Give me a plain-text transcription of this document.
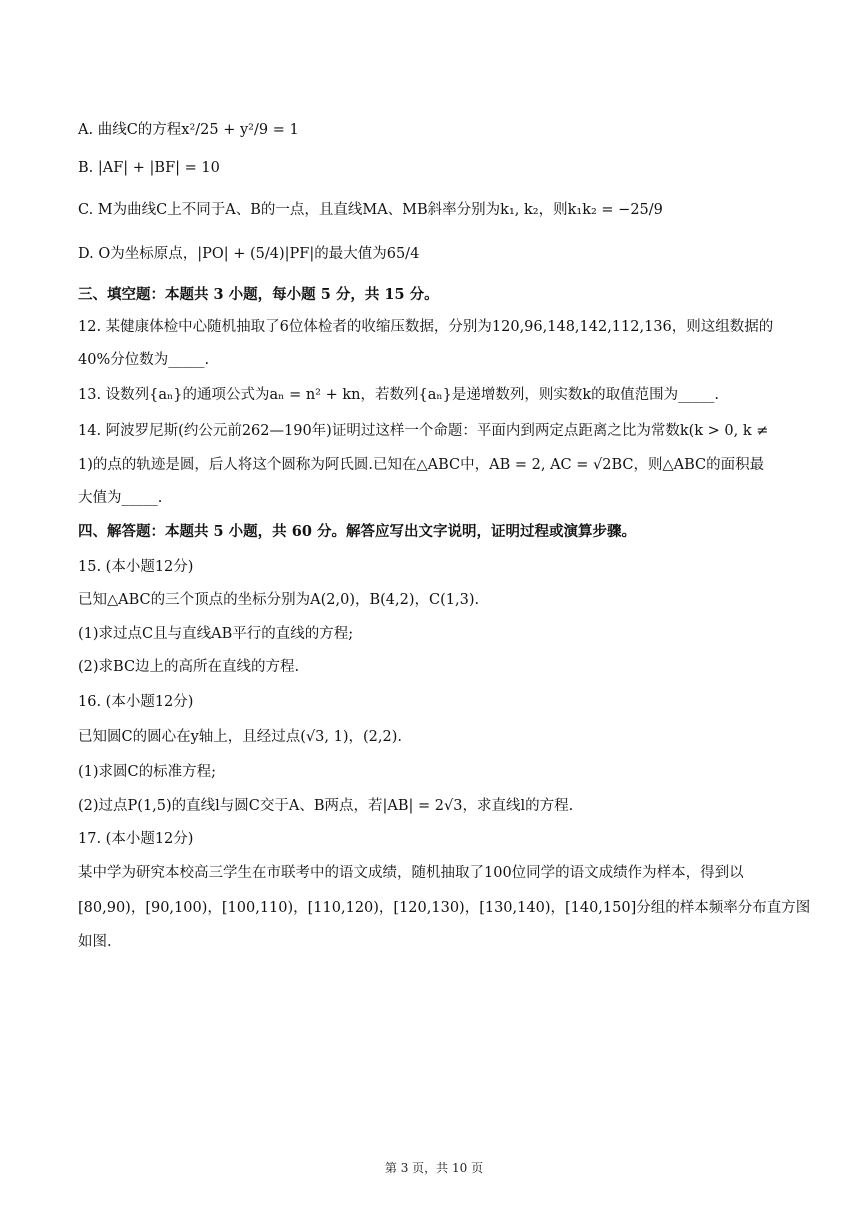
A. 曲线C的方程x²/25 + y²/9 = 1
B. |AF| + |BF| = 10
C. M为曲线C上不同于A、B的一点，且直线MA、MB斜率分别为k₁, k₂，则k₁k₂ = −25/9
D. O为坐标原点，|PO| + (5/4)|PF|的最大值为65/4
三、填空题：本题共 3 小题，每小题 5 分，共 15 分。
12. 某健康体检中心随机抽取了6位体检者的收缩压数据，分别为120,96,148,142,112,136，则这组数据的
40%分位数为_____.
13. 设数列{aₙ}的通项公式为aₙ = n² + kn，若数列{aₙ}是递增数列，则实数k的取值范围为_____.
14. 阿波罗尼斯(约公元前262—190年)证明过这样一个命题：平面内到两定点距离之比为常数k(k > 0, k ≠
1)的点的轨迹是圆，后人将这个圆称为阿氏圆.已知在△ABC中，AB = 2, AC = √2BC，则△ABC的面积最
大值为_____.
四、解答题：本题共 5 小题，共 60 分。解答应写出文字说明，证明过程或演算步骤。
15. (本小题12分)
已知△ABC的三个顶点的坐标分别为A(2,0)，B(4,2)，C(1,3).
(1)求过点C且与直线AB平行的直线的方程;
(2)求BC边上的高所在直线的方程.
16. (本小题12分)
已知圆C的圆心在y轴上，且经过点(√3, 1)，(2,2).
(1)求圆C的标准方程;
(2)过点P(1,5)的直线l与圆C交于A、B两点，若|AB| = 2√3，求直线l的方程.
17. (本小题12分)
某中学为研究本校高三学生在市联考中的语文成绩，随机抽取了100位同学的语文成绩作为样本，得到以
[80,90)，[90,100)，[100,110)，[110,120)，[120,130)，[130,140)，[140,150]分组的样本频率分布直方图
如图.
第 3 页，共 10 页
